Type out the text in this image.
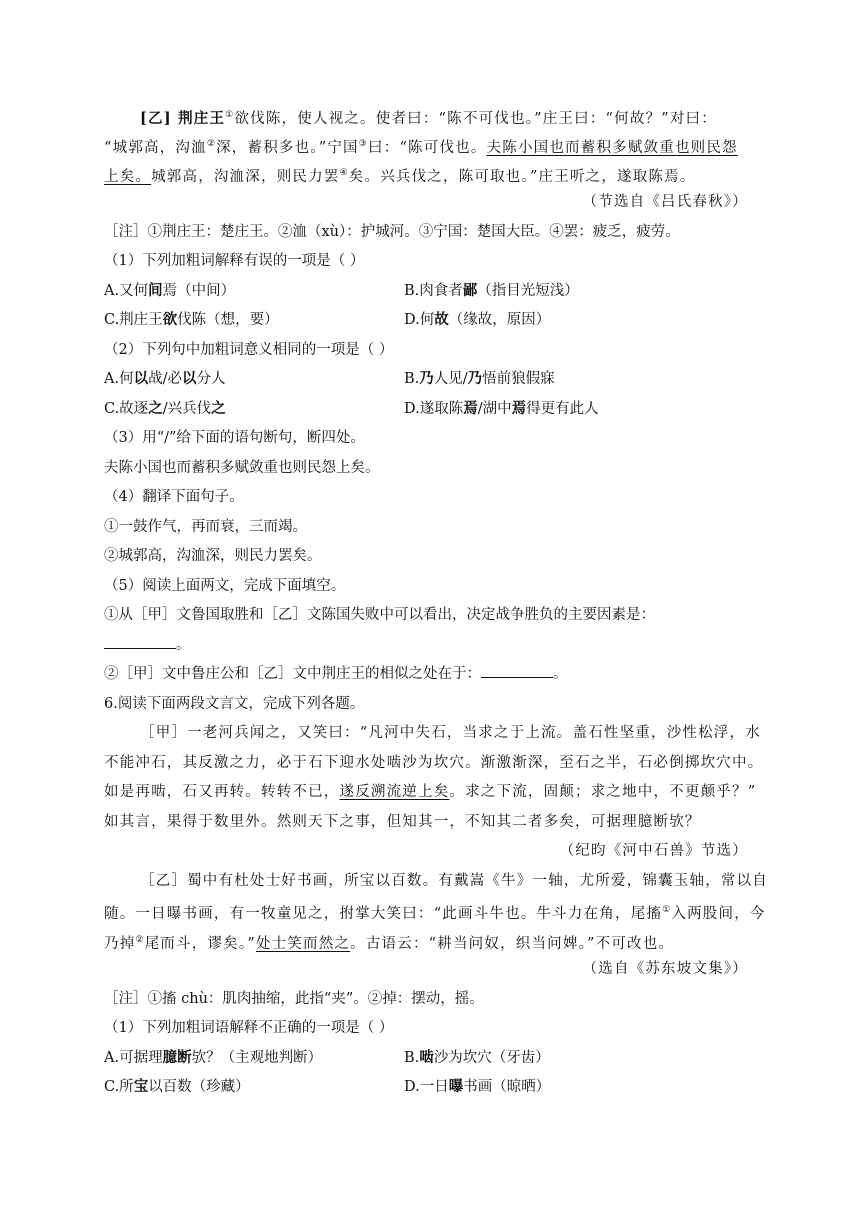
[乙] 荆庄王①欲伐陈，使人视之。使者曰：“陈不可伐也。”庄王曰：“何故？”对曰：
“城郭高，沟洫②深，蓄积多也。”宁国③曰：“陈可伐也。夫陈小国也而蓄积多赋敛重也则民怨
上矣。城郭高，沟洫深，则民力罢④矣。兴兵伐之，陈可取也。”庄王听之，遂取陈焉。
（节选自《吕氏春秋》）
［注］①荆庄王：楚庄王。②洫（xù）：护城河。③宁国：楚国大臣。④罢：疲乏，疲劳。
（1）下列加粗词解释有误的一项是（ ）
A.又何间焉（中间）	B.肉食者鄙（指目光短浅）
C.荆庄王欲伐陈（想，要）	D.何故（缘故，原因）
（2）下列句中加粗词意义相同的一项是（ ）
A.何以战/必以分人	B.乃人见/乃悟前狼假寐
C.故逐之/兴兵伐之	D.遂取陈焉/湖中焉得更有此人
（3）用“/”给下面的语句断句，断四处。
夫陈小国也而蓄积多赋敛重也则民怨上矣。
（4）翻译下面句子。
①一鼓作气，再而衰，三而竭。
②城郭高，沟洫深，则民力罢矣。
（5）阅读上面两文，完成下面填空。
①从［甲］文鲁国取胜和［乙］文陈国失败中可以看出，决定战争胜负的主要因素是：
。
②［甲］文中鲁庄公和［乙］文中荆庄王的相似之处在于：	。
6.阅读下面两段文言文，完成下列各题。
［甲］一老河兵闻之，又笑曰：“凡河中失石，当求之于上流。盖石性坚重，沙性松浮，水
不能冲石，其反激之力，必于石下迎水处啮沙为坎穴。渐激渐深，至石之半，石必倒掷坎穴中。
如是再啮，石又再转。转转不已，遂反溯流逆上矣。求之下流，固颠；求之地中，不更颠乎？”
如其言，果得于数里外。然则天下之事，但知其一，不知其二者多矣，可据理臆断欤？
（纪昀《河中石兽》节选）
［乙］蜀中有杜处士好书画，所宝以百数。有戴嵩《牛》一轴，尤所爱，锦囊玉轴，常以自
随。一日曝书画，有一牧童见之，拊掌大笑曰：“此画斗牛也。牛斗力在角，尾搐①入两股间，今
乃掉②尾而斗，谬矣。”处士笑而然之。古语云：“耕当问奴，织当问婢。”不可改也。
（选自《苏东坡文集》）
［注］①搐 chù：肌肉抽缩，此指“夹”。②掉：摆动，摇。
（1）下列加粗词语解释不正确的一项是（ ）
A.可据理臆断欤？（主观地判断）	B.啮沙为坎穴（牙齿）
C.所宝以百数（珍藏）	D.一日曝书画（晾晒）
